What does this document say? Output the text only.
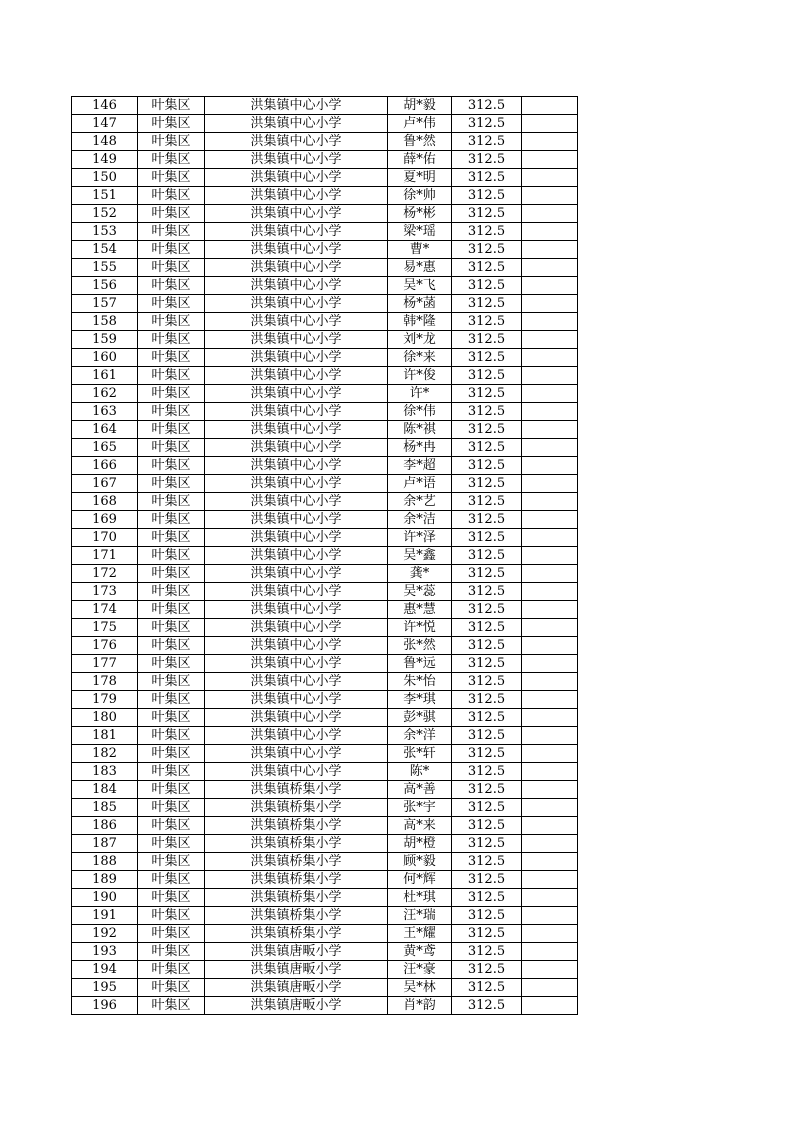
146	叶集区	洪集镇中心小学	胡*毅	312.5	
147	叶集区	洪集镇中心小学	卢*伟	312.5	
148	叶集区	洪集镇中心小学	鲁*然	312.5	
149	叶集区	洪集镇中心小学	薛*佑	312.5	
150	叶集区	洪集镇中心小学	夏*明	312.5	
151	叶集区	洪集镇中心小学	徐*帅	312.5	
152	叶集区	洪集镇中心小学	杨*彬	312.5	
153	叶集区	洪集镇中心小学	梁*瑶	312.5	
154	叶集区	洪集镇中心小学	曹*	312.5	
155	叶集区	洪集镇中心小学	易*惠	312.5	
156	叶集区	洪集镇中心小学	吴*飞	312.5	
157	叶集区	洪集镇中心小学	杨*菡	312.5	
158	叶集区	洪集镇中心小学	韩*隆	312.5	
159	叶集区	洪集镇中心小学	刘*龙	312.5	
160	叶集区	洪集镇中心小学	徐*来	312.5	
161	叶集区	洪集镇中心小学	许*俊	312.5	
162	叶集区	洪集镇中心小学	许*	312.5	
163	叶集区	洪集镇中心小学	徐*伟	312.5	
164	叶集区	洪集镇中心小学	陈*祺	312.5	
165	叶集区	洪集镇中心小学	杨*冉	312.5	
166	叶集区	洪集镇中心小学	李*超	312.5	
167	叶集区	洪集镇中心小学	卢*语	312.5	
168	叶集区	洪集镇中心小学	余*艺	312.5	
169	叶集区	洪集镇中心小学	余*洁	312.5	
170	叶集区	洪集镇中心小学	许*泽	312.5	
171	叶集区	洪集镇中心小学	吴*鑫	312.5	
172	叶集区	洪集镇中心小学	龚*	312.5	
173	叶集区	洪集镇中心小学	吴*蕊	312.5	
174	叶集区	洪集镇中心小学	惠*慧	312.5	
175	叶集区	洪集镇中心小学	许*悦	312.5	
176	叶集区	洪集镇中心小学	张*然	312.5	
177	叶集区	洪集镇中心小学	鲁*远	312.5	
178	叶集区	洪集镇中心小学	朱*怡	312.5	
179	叶集区	洪集镇中心小学	李*琪	312.5	
180	叶集区	洪集镇中心小学	彭*骐	312.5	
181	叶集区	洪集镇中心小学	余*洋	312.5	
182	叶集区	洪集镇中心小学	张*轩	312.5	
183	叶集区	洪集镇中心小学	陈*	312.5	
184	叶集区	洪集镇桥集小学	高*善	312.5	
185	叶集区	洪集镇桥集小学	张*宇	312.5	
186	叶集区	洪集镇桥集小学	高*来	312.5	
187	叶集区	洪集镇桥集小学	胡*橙	312.5	
188	叶集区	洪集镇桥集小学	顾*毅	312.5	
189	叶集区	洪集镇桥集小学	何*辉	312.5	
190	叶集区	洪集镇桥集小学	杜*琪	312.5	
191	叶集区	洪集镇桥集小学	汪*瑞	312.5	
192	叶集区	洪集镇桥集小学	王*耀	312.5	
193	叶集区	洪集镇唐畈小学	黄*鸢	312.5	
194	叶集区	洪集镇唐畈小学	汪*豪	312.5	
195	叶集区	洪集镇唐畈小学	吴*林	312.5	
196	叶集区	洪集镇唐畈小学	肖*韵	312.5	
